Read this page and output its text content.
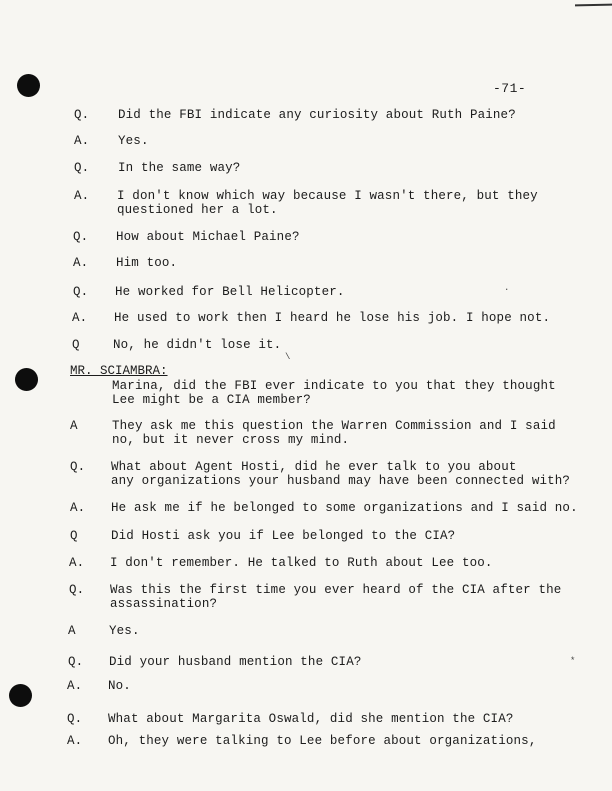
-71-
Q. Did the FBI indicate any curiosity about Ruth Paine?
A. Yes.
Q. In the same way?
A. I don't know which way because I wasn't there, but they
questioned her a lot.
Q. How about Michael Paine?
A. Him too.
Q. He worked for Bell Helicopter.
A. He used to work then I heard he lose his job. I hope not.
Q	No, he didn't lose it.
MR. SCIAMBRA:
Marina, did the FBI ever indicate to you that they thought
Lee might be a CIA member?
A	They ask me this question the Warren Commission and I said
no, but it never cross my mind.
Q. What about Agent Hosti, did he ever talk to you about
any organizations your husband may have been connected with?
A. He ask me if he belonged to some organizations and I said no.
Q	Did Hosti ask you if Lee belonged to the CIA?
A. I don't remember. He talked to Ruth about Lee too.
Q. Was this the first time you ever heard of the CIA after the
assassination?
A	Yes.
Q. Did your husband mention the CIA?
A. No.
Q. What about Margarita Oswald, did she mention the CIA?
A. Oh, they were talking to Lee before about organizations,
·
\
*
